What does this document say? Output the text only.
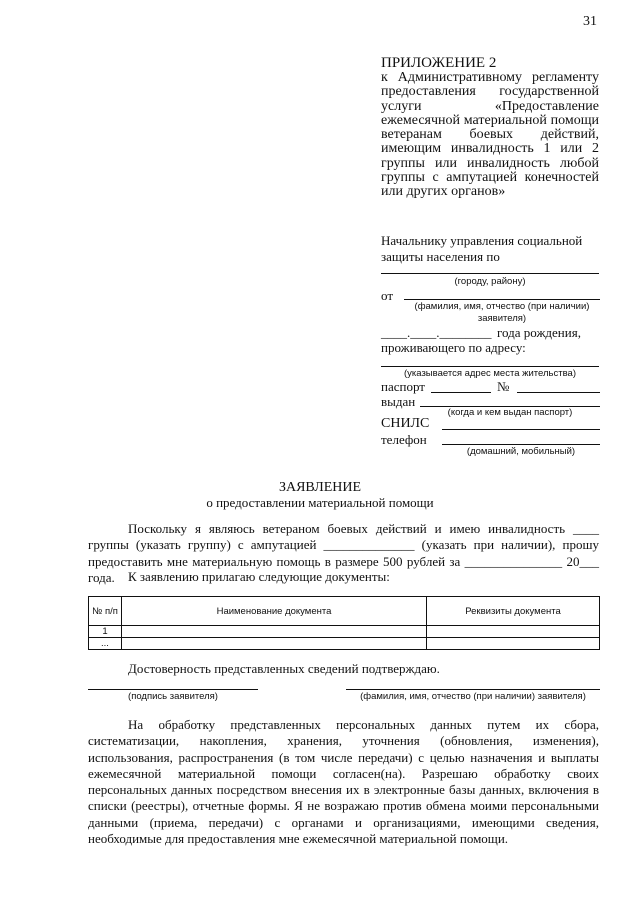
31
ПРИЛОЖЕНИЕ 2
к Административному регламенту предоставления государственной услуги «Предоставление ежемесячной материальной помощи ветеранам боевых действий, имеющим инвалидность 1 или 2 группы или инвалидность любой группы с ампутацией конечностей или других органов»
Начальнику управления социальной
защиты населения по
(городу, району)
от
(фамилия, имя, отчество (при наличии)
заявителя)
____.____.________ года рождения,
проживающего по адресу:
(указывается адрес места жительства)
паспорт	№
выдан
(когда и кем выдан паспорт)
СНИЛС
телефон
(домашний, мобильный)
ЗАЯВЛЕНИЕ
о предоставлении материальной помощи
Поскольку я являюсь ветераном боевых действий и имею инвалидность ____ группы (указать группу) с ампутацией ______________ (указать при наличии), прошу предоставить мне материальную помощь в размере 500 рублей за _______________ 20___ года.	К заявлению прилагаю следующие документы:
№ п/п	Наименование документа	Реквизиты документа
1		
...		
Достоверность представленных сведений подтверждаю.
(подпись заявителя)	(фамилия, имя, отчество (при наличии) заявителя)
На обработку представленных персональных данных путем их сбора, систематизации, накопления, хранения, уточнения (обновления, изменения), использования, распространения (в том числе передачи) с целью назначения и выплаты ежемесячной материальной помощи согласен(на). Разрешаю обработку своих персональных данных посредством внесения их в электронные базы данных, включения в списки (реестры), отчетные формы. Я не возражаю против обмена моими персональными данными (приема, передачи) с органами и организациями, имеющими сведения, необходимые для предоставления мне ежемесячной материальной помощи.
